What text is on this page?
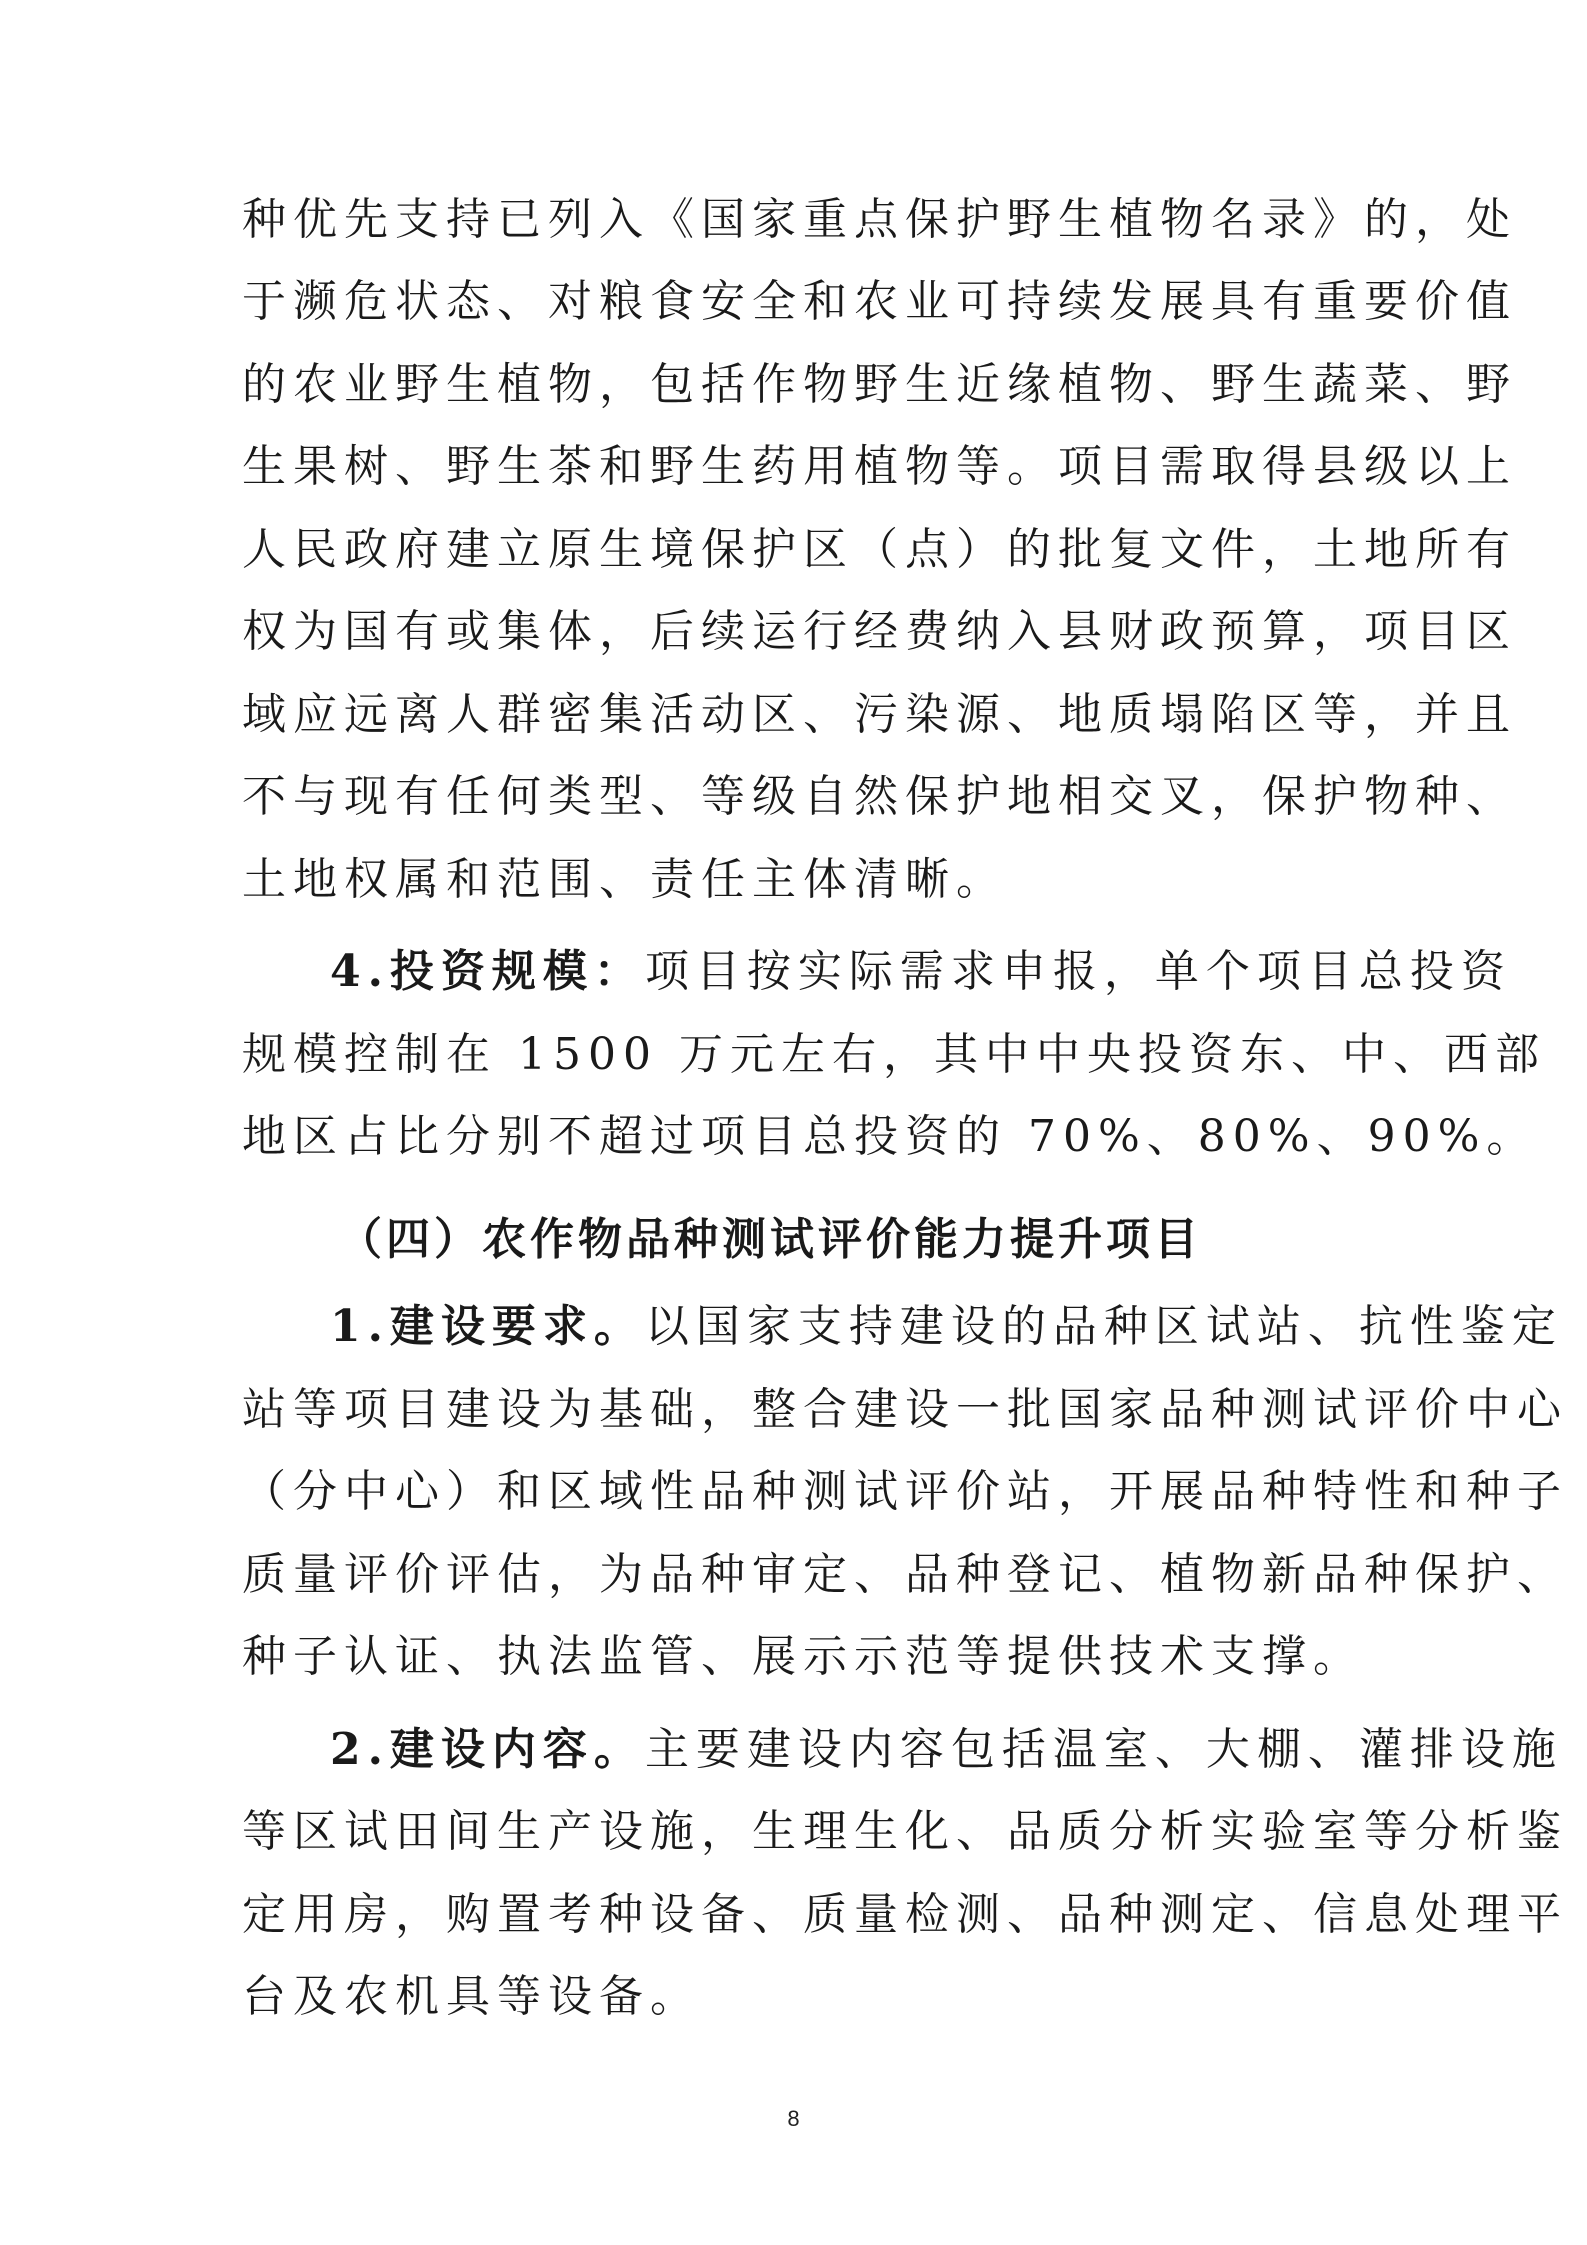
种优先支持已列入《国家重点保护野生植物名录》的，处
于濒危状态、对粮食安全和农业可持续发展具有重要价值
的农业野生植物，包括作物野生近缘植物、野生蔬菜、野
生果树、野生茶和野生药用植物等。项目需取得县级以上
人民政府建立原生境保护区（点）的批复文件，土地所有
权为国有或集体，后续运行经费纳入县财政预算，项目区
域应远离人群密集活动区、污染源、地质塌陷区等，并且
不与现有任何类型、等级自然保护地相交叉，保护物种、
土地权属和范围、责任主体清晰。
4.投资规模：项目按实际需求申报，单个项目总投资
规模控制在 1500 万元左右，其中中央投资东、中、西部
地区占比分别不超过项目总投资的 70%、80%、90%。
（四）农作物品种测试评价能力提升项目
1.建设要求。以国家支持建设的品种区试站、抗性鉴定
站等项目建设为基础，整合建设一批国家品种测试评价中心
（分中心）和区域性品种测试评价站，开展品种特性和种子
质量评价评估，为品种审定、品种登记、植物新品种保护、
种子认证、执法监管、展示示范等提供技术支撑。
2.建设内容。主要建设内容包括温室、大棚、灌排设施
等区试田间生产设施，生理生化、品质分析实验室等分析鉴
定用房，购置考种设备、质量检测、品种测定、信息处理平
台及农机具等设备。
8
